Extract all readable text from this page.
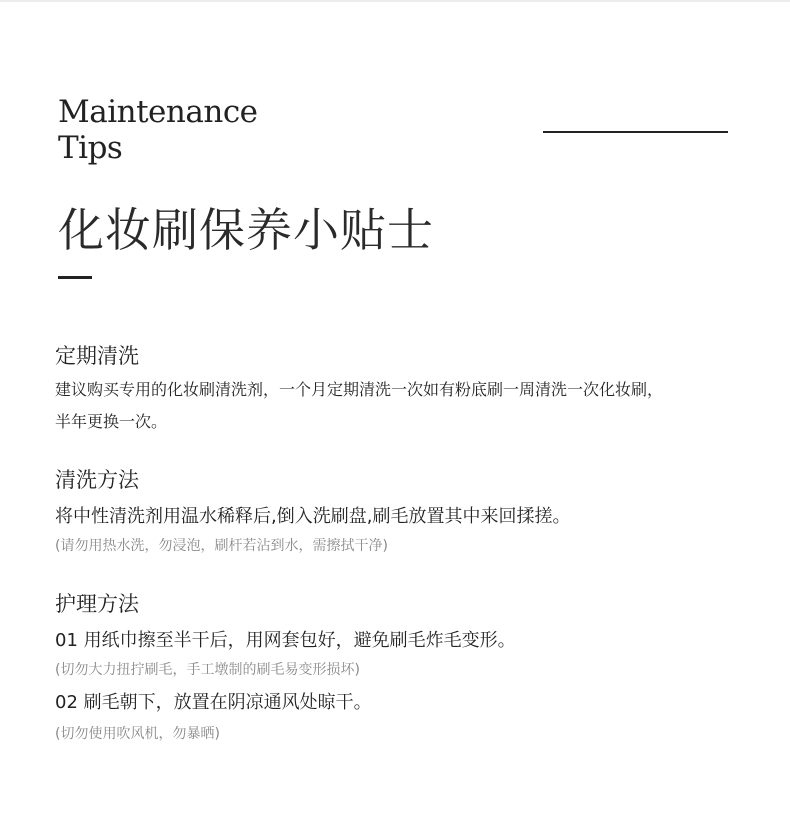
Maintenance
Tips
化妆刷保养小贴士
定期清洗
建议购买专用的化妆刷清洗剂，一个月定期清洗一次如有粉底刷一周清洗一次化妆刷，
半年更换一次。
清洗方法
将中性清洗剂用温水稀释后,倒入洗刷盘,刷毛放置其中来回揉搓。
(请勿用热水洗，勿浸泡，刷杆若沾到水，需擦拭干净)
护理方法
01 用纸巾擦至半干后，用网套包好，避免刷毛炸毛变形。
(切勿大力扭拧刷毛，手工墩制的刷毛易变形损坏)
02 刷毛朝下，放置在阴凉通风处晾干。
(切勿使用吹风机，勿暴晒)
